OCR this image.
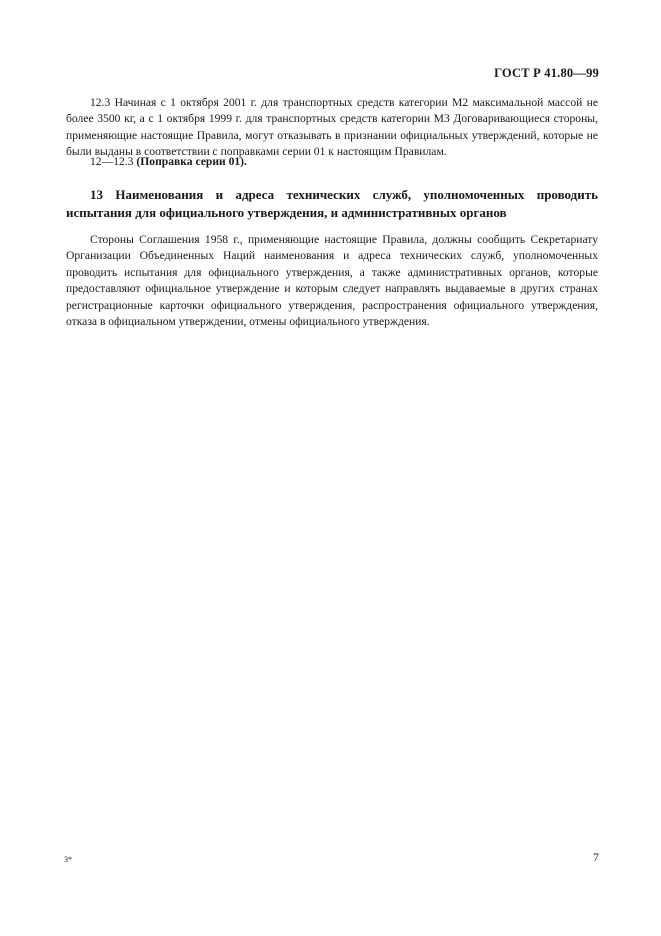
ГОСТ Р 41.80—99

12.3 Начиная с 1 октября 2001 г. для транспортных средств категории М2 максимальной массой не более 3500 кг, а с 1 октября 1999 г. для транспортных средств категории М3 Договаривающиеся стороны, применяющие настоящие Правила, могут отказывать в признании официальных утверждений, которые не были выданы в соответствии с поправками серии 01 к настоящим Правилам.

12—12.3 (Поправка серии 01).

13 Наименования и адреса технических служб, уполномоченных проводить испытания для официального утверждения, и административных органов

Стороны Соглашения 1958 г., применяющие настоящие Правила, должны сообщить Секретариату Организации Объединенных Наций наименования и адреса технических служб, уполномоченных проводить испытания для официального утверждения, а также административных органов, которые предоставляют официальное утверждение и которым следует направлять выдаваемые в других странах регистрационные карточки официального утверждения, распространения официального утверждения, отказа в официальном утверждении, отмены официального утверждения.

3*	7
